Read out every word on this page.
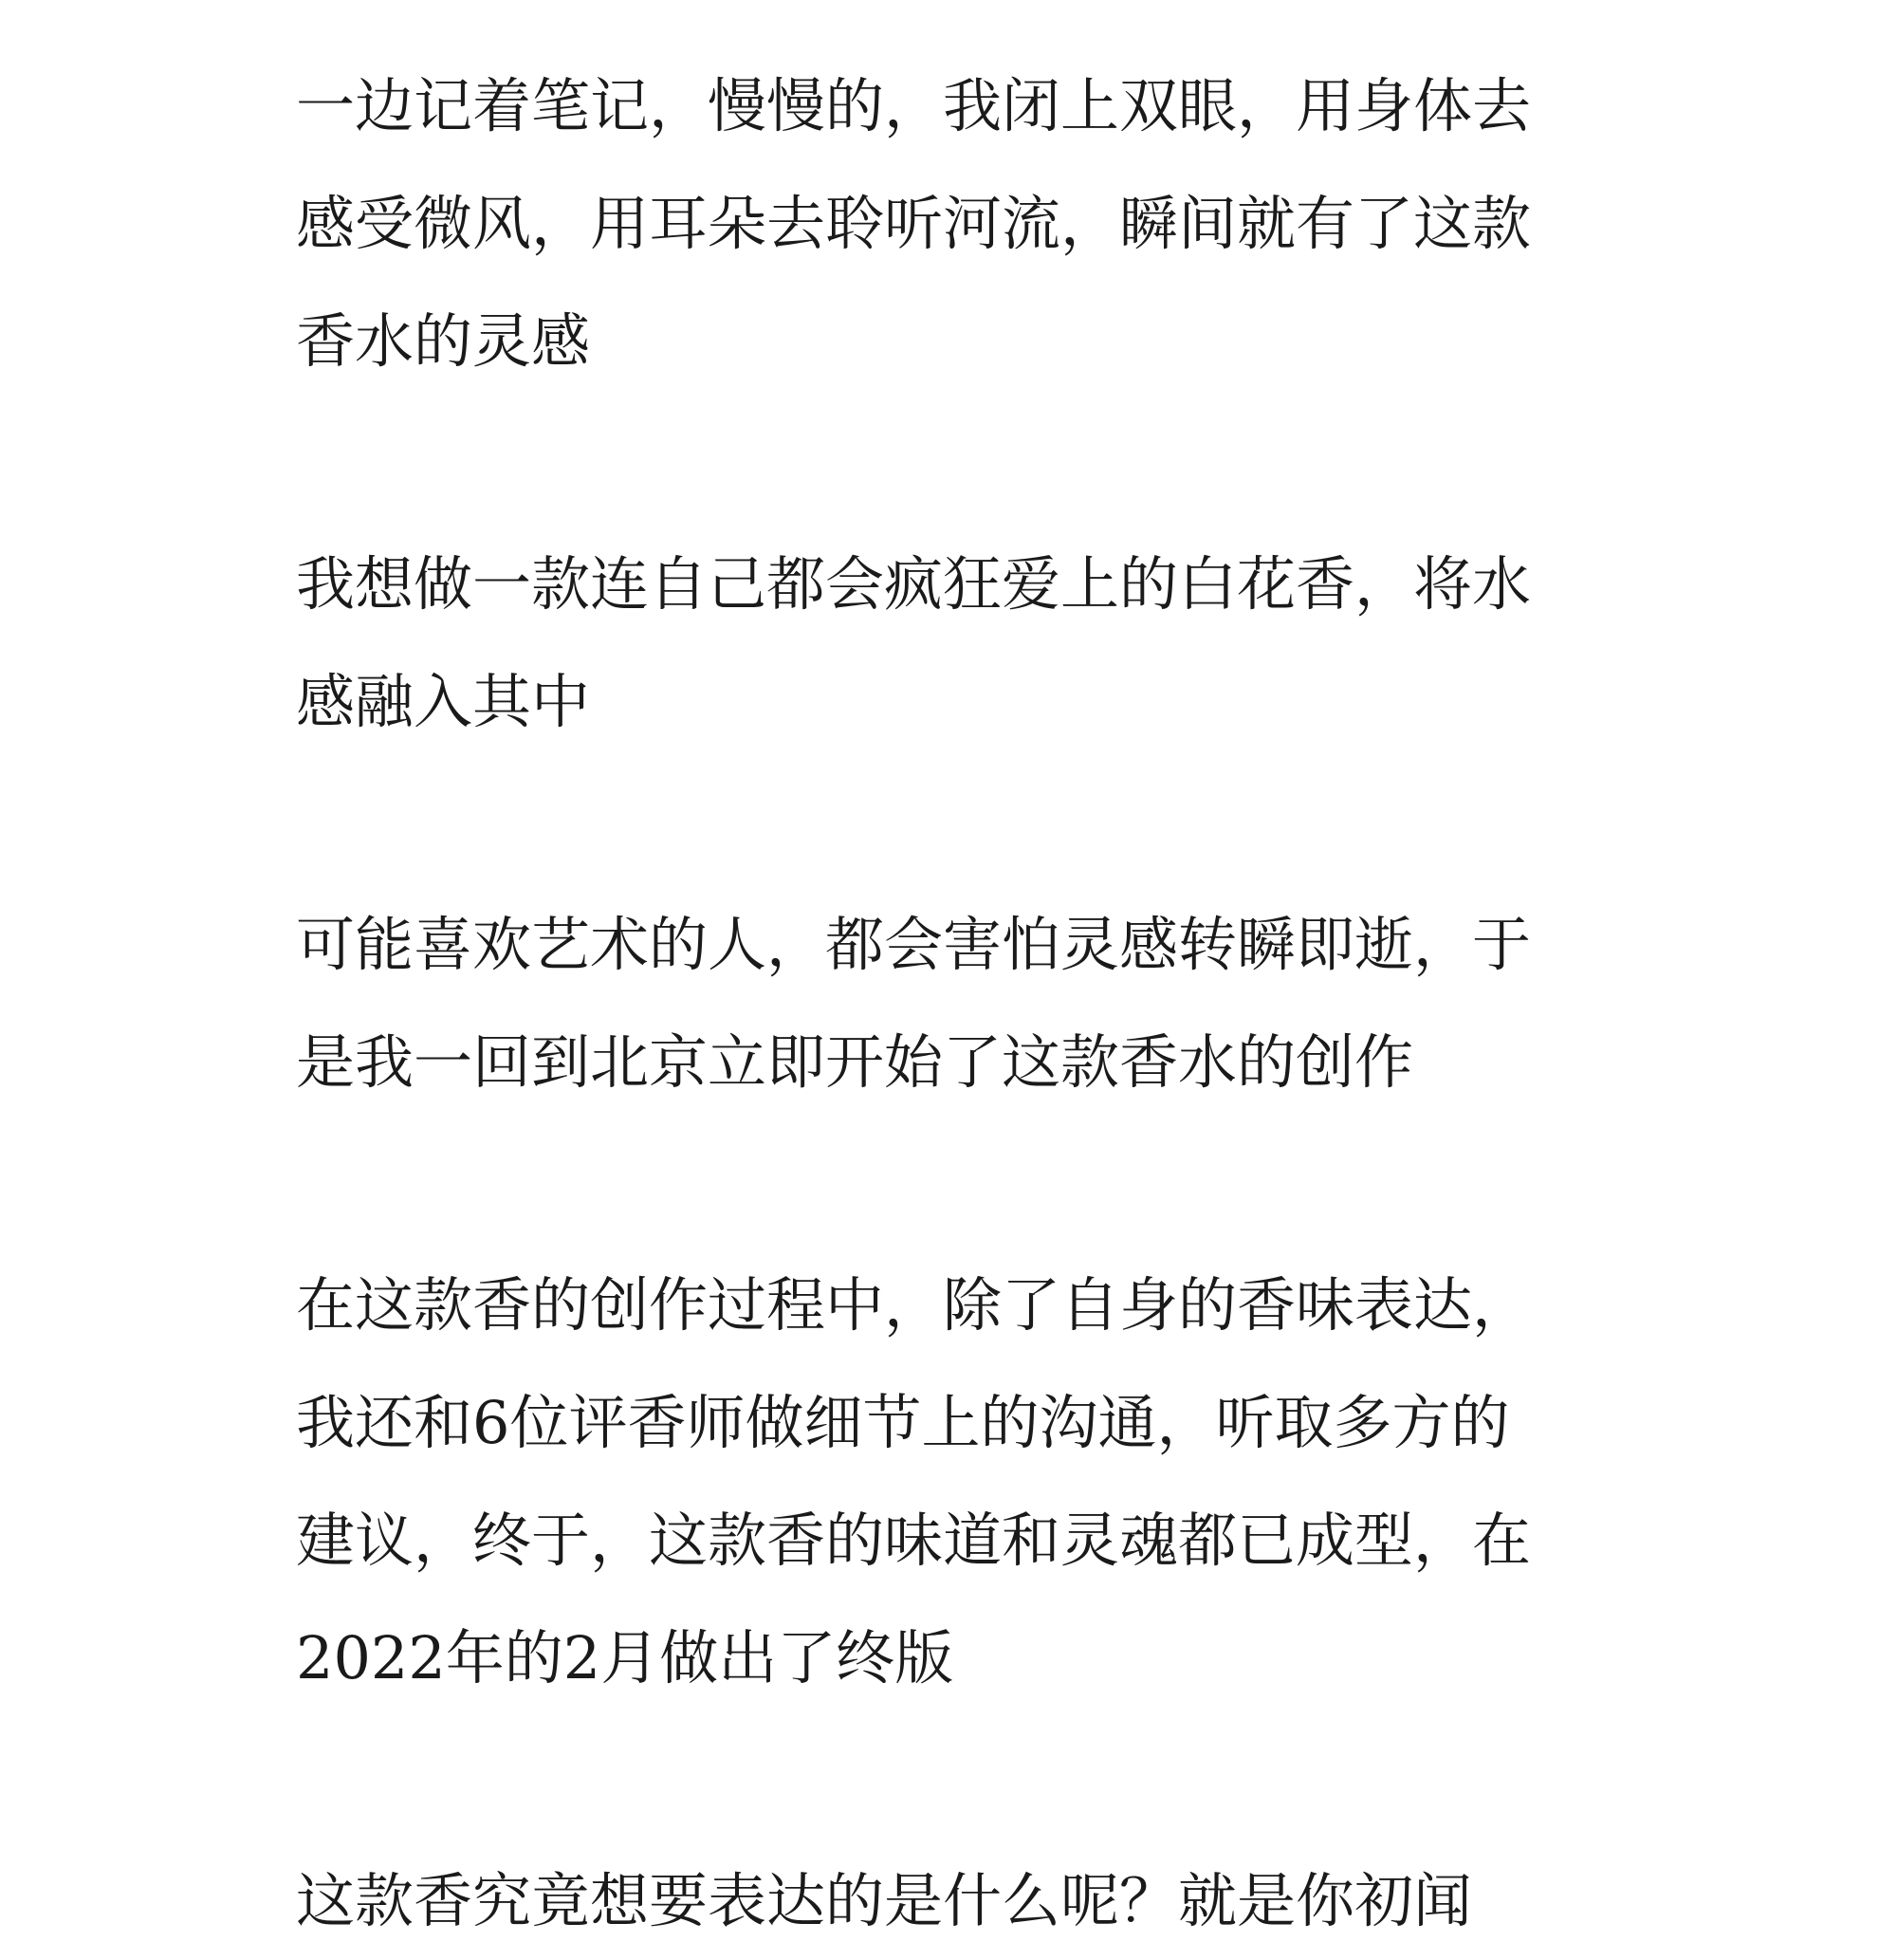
一边记着笔记，慢慢的，我闭上双眼，用身体去
感受微风，用耳朵去聆听河流，瞬间就有了这款
香水的灵感
我想做一款连自己都会疯狂爱上的白花香，将水
感融入其中
可能喜欢艺术的人，都会害怕灵感转瞬即逝，于
是我一回到北京立即开始了这款香水的创作
在这款香的创作过程中，除了自身的香味表达，
我还和6位评香师做细节上的沟通，听取多方的
建议，终于，这款香的味道和灵魂都已成型，在
2022年的2月做出了终版
这款香究竟想要表达的是什么呢？就是你初闻
